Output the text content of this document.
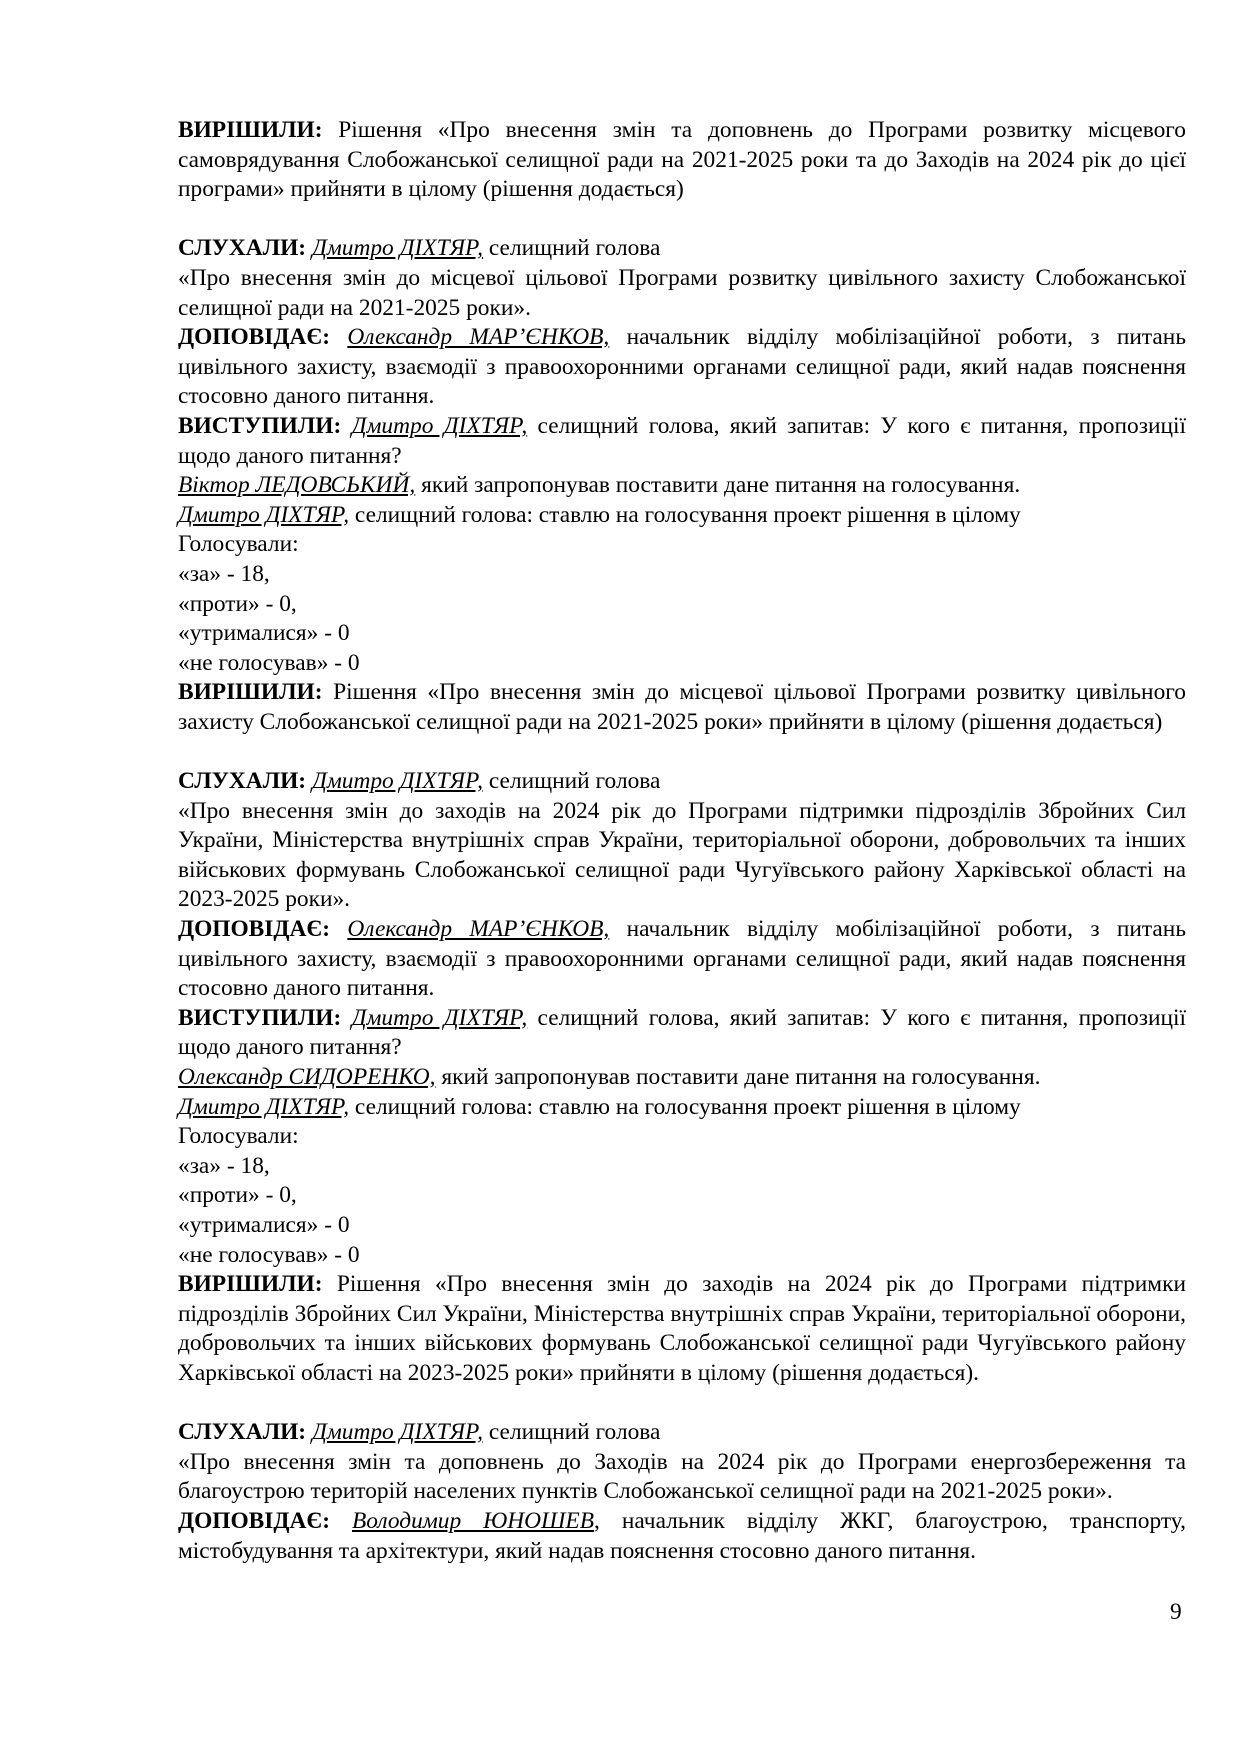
ВИРІШИЛИ: Рішення «Про внесення змін та доповнень до Програми розвитку місцевого самоврядування Слобожанської селищної ради на 2021-2025 роки та до Заходів на 2024 рік до цієї програми» прийняти в цілому (рішення додається)
СЛУХАЛИ: Дмитро ДІХТЯР, селищний голова
«Про внесення змін до місцевої цільової Програми розвитку цивільного захисту Слобожанської селищної ради на 2021-2025 роки».
ДОПОВІДАЄ: Олександр МАР’ЄНКОВ, начальник відділу мобілізаційної роботи, з питань цивільного захисту, взаємодії з правоохоронними органами селищної ради, який надав пояснення стосовно даного питання.
ВИСТУПИЛИ: Дмитро ДІХТЯР, селищний голова, який запитав: У кого є питання, пропозиції щодо даного питання?
Віктор ЛЕДОВСЬКИЙ, який запропонував поставити дане питання на голосування.
Дмитро ДІХТЯР, селищний голова: ставлю на голосування проект рішення в цілому
Голосували:
«за» - 18,
«проти» - 0,
«утрималися» - 0
«не голосував» - 0
ВИРІШИЛИ: Рішення «Про внесення змін до місцевої цільової Програми розвитку цивільного захисту Слобожанської селищної ради на 2021-2025 роки» прийняти в цілому (рішення додається)
СЛУХАЛИ: Дмитро ДІХТЯР, селищний голова
«Про внесення змін до заходів на 2024 рік до Програми підтримки підрозділів Збройних Сил України, Міністерства внутрішніх справ України, територіальної оборони, добровольчих та інших військових формувань Слобожанської селищної ради Чугуївського району Харківської області на 2023-2025 роки».
ДОПОВІДАЄ: Олександр МАР’ЄНКОВ, начальник відділу мобілізаційної роботи, з питань цивільного захисту, взаємодії з правоохоронними органами селищної ради, який надав пояснення стосовно даного питання.
ВИСТУПИЛИ: Дмитро ДІХТЯР, селищний голова, який запитав: У кого є питання, пропозиції щодо даного питання?
Олександр СИДОРЕНКО, який запропонував поставити дане питання на голосування.
Дмитро ДІХТЯР, селищний голова: ставлю на голосування проект рішення в цілому
Голосували:
«за» - 18,
«проти» - 0,
«утрималися» - 0
«не голосував» - 0
ВИРІШИЛИ: Рішення «Про внесення змін до заходів на 2024 рік до Програми підтримки підрозділів Збройних Сил України, Міністерства внутрішніх справ України, територіальної оборони, добровольчих та інших військових формувань Слобожанської селищної ради Чугуївського району Харківської області на 2023-2025 роки» прийняти в цілому (рішення додається).
СЛУХАЛИ: Дмитро ДІХТЯР, селищний голова
«Про внесення змін та доповнень до Заходів на 2024 рік до Програми енергозбереження та благоустрою територій населених пунктів Слобожанської селищної ради на 2021-2025 роки».
ДОПОВІДАЄ: Володимир ЮНОШЕВ, начальник відділу ЖКГ, благоустрою, транспорту, містобудування та архітектури, який надав пояснення стосовно даного питання.
9
